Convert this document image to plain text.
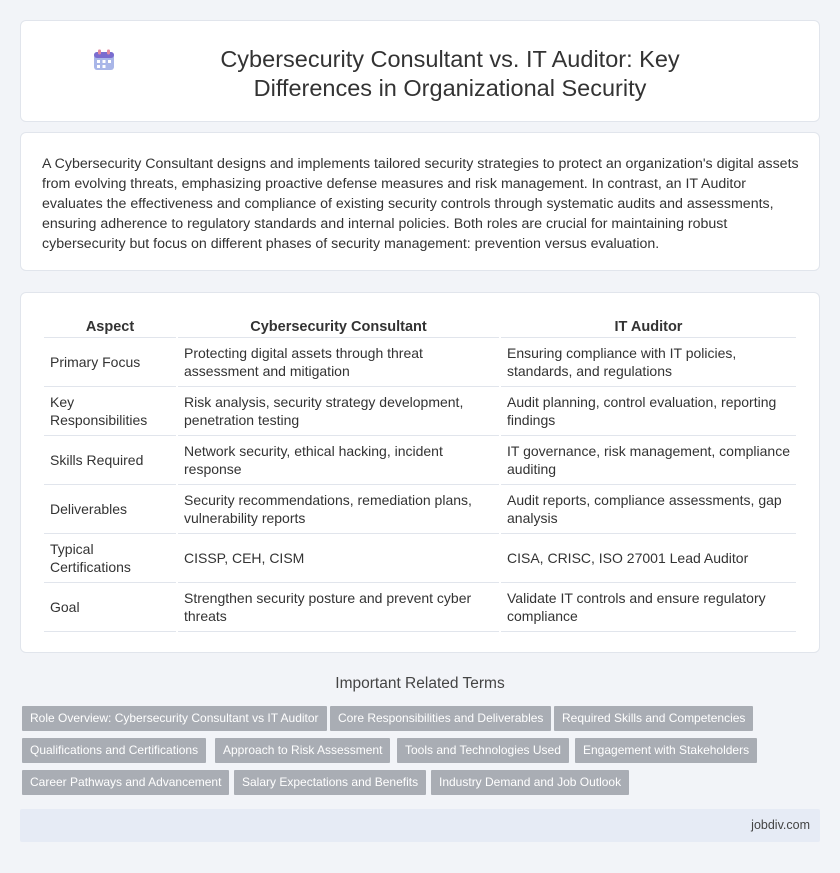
Cybersecurity Consultant vs. IT Auditor: Key Differences in Organizational Security

A Cybersecurity Consultant designs and implements tailored security strategies to protect an organization's digital assets from evolving threats, emphasizing proactive defense measures and risk management. In contrast, an IT Auditor evaluates the effectiveness and compliance of existing security controls through systematic audits and assessments, ensuring adherence to regulatory standards and internal policies. Both roles are crucial for maintaining robust cybersecurity but focus on different phases of security management: prevention versus evaluation.

Aspect	Cybersecurity Consultant	IT Auditor
Primary Focus	Protecting digital assets through threat assessment and mitigation	Ensuring compliance with IT policies, standards, and regulations
Key Responsibilities	Risk analysis, security strategy development, penetration testing	Audit planning, control evaluation, reporting findings
Skills Required	Network security, ethical hacking, incident response	IT governance, risk management, compliance auditing
Deliverables	Security recommendations, remediation plans, vulnerability reports	Audit reports, compliance assessments, gap analysis
Typical Certifications	CISSP, CEH, CISM	CISA, CRISC, ISO 27001 Lead Auditor
Goal	Strengthen security posture and prevent cyber threats	Validate IT controls and ensure regulatory compliance
Important Related Terms
Role Overview: Cybersecurity Consultant vs IT Auditor	Core Responsibilities and Deliverables	Required Skills and Competencies
Qualifications and Certifications	Approach to Risk Assessment	Tools and Technologies Used	Engagement with Stakeholders
Career Pathways and Advancement	Salary Expectations and Benefits	Industry Demand and Job Outlook
jobdiv.com
